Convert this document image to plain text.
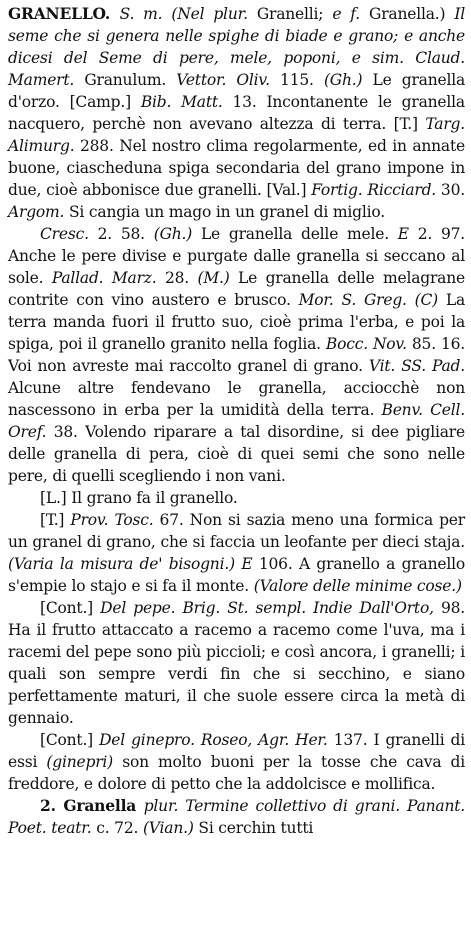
GRANELLO. S. m. (Nel plur. Granelli; e f. Granella.) Il seme che si genera nelle spighe di biade e grano; e anche dicesi del Seme di pere, mele, poponi, e sim. Claud. Mamert. Granulum. Vettor. Oliv. 115. (Gh.) Le granella d'orzo. [Camp.] Bib. Matt. 13. Incontanente le granella nacquero, perchè non avevano altezza di terra. [T.] Targ. Alimurg. 288. Nel nostro clima regolarmente, ed in annate buone, ciascheduna spiga secondaria del grano impone in due, cioè abbonisce due granelli. [Val.] Fortig. Ricciard. 30. Argom. Si cangia un mago in un granel di miglio.

Cresc. 2. 58. (Gh.) Le granella delle mele. E 2. 97. Anche le pere divise e purgate dalle granella si seccano al sole. Pallad. Marz. 28. (M.) Le granella delle melagrane contrite con vino austero e brusco. Mor. S. Greg. (C) La terra manda fuori il frutto suo, cioè prima l'erba, e poi la spiga, poi il granello granito nella foglia. Bocc. Nov. 85. 16. Voi non avreste mai raccolto granel di grano. Vit. SS. Pad. Alcune altre fendevano le granella, acciocchè non nascessono in erba per la umidità della terra. Benv. Cell. Oref. 38. Volendo riparare a tal disordine, si dee pigliare delle granella di pera, cioè di quei semi che sono nelle pere, di quelli scegliendo i non vani.

[L.] Il grano fa il granello.

[T.] Prov. Tosc. 67. Non si sazia meno una formica per un granel di grano, che si faccia un leofante per dieci staja. (Varia la misura de' bisogni.) E 106. A granello a granello s'empie lo stajo e si fa il monte. (Valore delle minime cose.)

[Cont.] Del pepe. Brig. St. sempl. Indie Dall'Orto, 98. Ha il frutto attaccato a racemo a racemo come l'uva, ma i racemi del pepe sono più piccioli; e così ancora, i granelli; i quali son sempre verdi fin che si secchino, e siano perfettamente maturi, il che suole essere circa la metà di gennaio.

[Cont.] Del ginepro. Roseo, Agr. Her. 137. I granelli di essi (ginepri) son molto buoni per la tosse che cava di freddore, e dolore di petto che la addolcisce e mollifica.

2. Granella plur. Termine collettivo di grani. Panant. Poet. teatr. c. 72. (Vian.) Si cerchin tutti
